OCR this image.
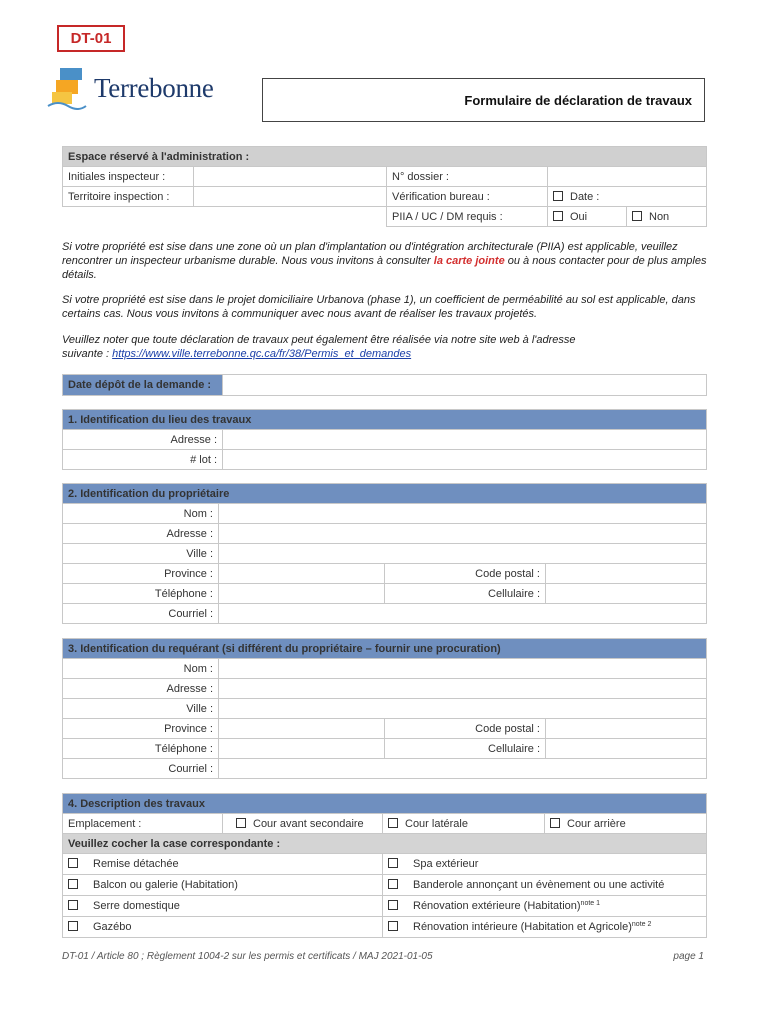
DT-01
Terrebonne	Formulaire de déclaration de travaux
Espace réservé à l'administration :				
Initiales inspecteur :		N° dossier :		
Territoire inspection :		Vérification bureau :	Date :	
		PIIA / UC / DM requis :	Oui	Non
Si votre propriété est sise dans une zone où un plan d'implantation ou d'intégration architecturale (PIIA) est applicable, veuillez rencontrer un inspecteur urbanisme durable. Nous vous invitons à consulter la carte jointe ou à nous contacter pour de plus amples détails.
Si votre propriété est sise dans le projet domiciliaire Urbanova (phase 1), un coefficient de perméabilité au sol est applicable, dans certains cas. Nous vous invitons à communiquer avec nous avant de réaliser les travaux projetés.
Veuillez noter que toute déclaration de travaux peut également être réalisée via notre site web à l'adresse suivante : https://www.ville.terrebonne.qc.ca/fr/38/Permis_et_demandes
Date dépôt de la demande :	
1. Identification du lieu des travaux	
Adresse :	
# lot :	
2. Identification du propriétaire			
Nom :			
Adresse :			
Ville :			
Province :		Code postal :	
Téléphone :		Cellulaire :	
Courriel :			
3. Identification du requérant (si différent du propriétaire – fournir une procuration)			
Nom :			
Adresse :			
Ville :			
Province :		Code postal :	
Téléphone :		Cellulaire :	
Courriel :			
4. Description des travaux			
Emplacement :	Cour avant secondaire	Cour latérale	Cour arrière
Veuillez cocher la case correspondante :			
Remise détachée		Spa extérieur	
Balcon ou galerie (Habitation)		Banderole annonçant un évènement ou une activité	
Serre domestique		Rénovation extérieure (Habitation)$^{note 1}$
Gazébo		Rénovation intérieure (Habitation et Agricole)$^{note 2}$
DT-01 / Article 80 ; Règlement 1004-2 sur les permis et certificats / MAJ 2021-01-05	page 1
